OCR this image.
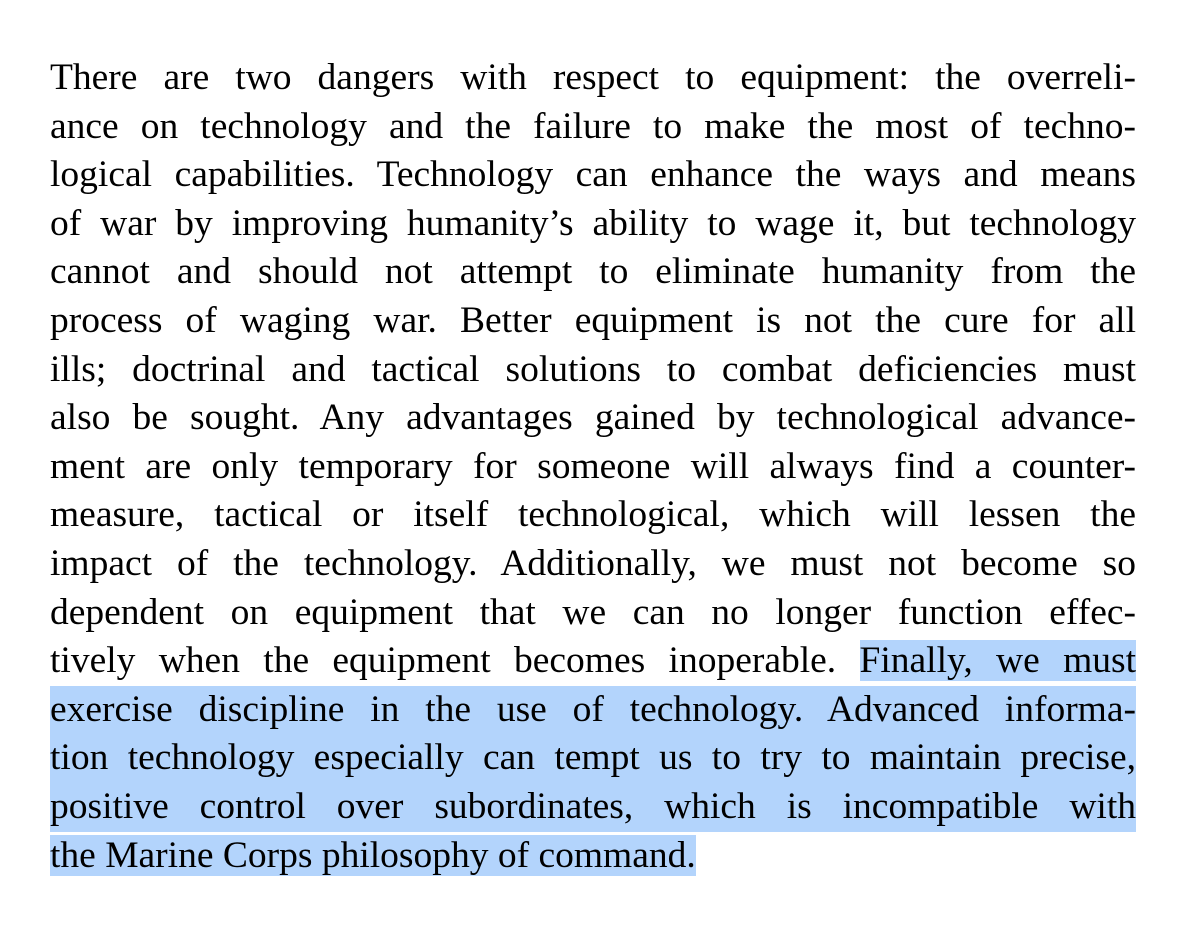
There are two dangers with respect to equipment: the overreli-
ance on technology and the failure to make the most of techno-
logical capabilities. Technology can enhance the ways and means
of war by improving humanity’s ability to wage it, but technology
cannot and should not attempt to eliminate humanity from the
process of waging war. Better equipment is not the cure for all
ills; doctrinal and tactical solutions to combat deficiencies must
also be sought. Any advantages gained by technological advance-
ment are only temporary for someone will always find a counter-
measure, tactical or itself technological, which will lessen the
impact of the technology. Additionally, we must not become so
dependent on equipment that we can no longer function effec-
tively when the equipment becomes inoperable. Finally, we must
exercise discipline in the use of technology. Advanced informa-
tion technology especially can tempt us to try to maintain precise,
positive control over subordinates, which is incompatible with
the Marine Corps philosophy of command.
